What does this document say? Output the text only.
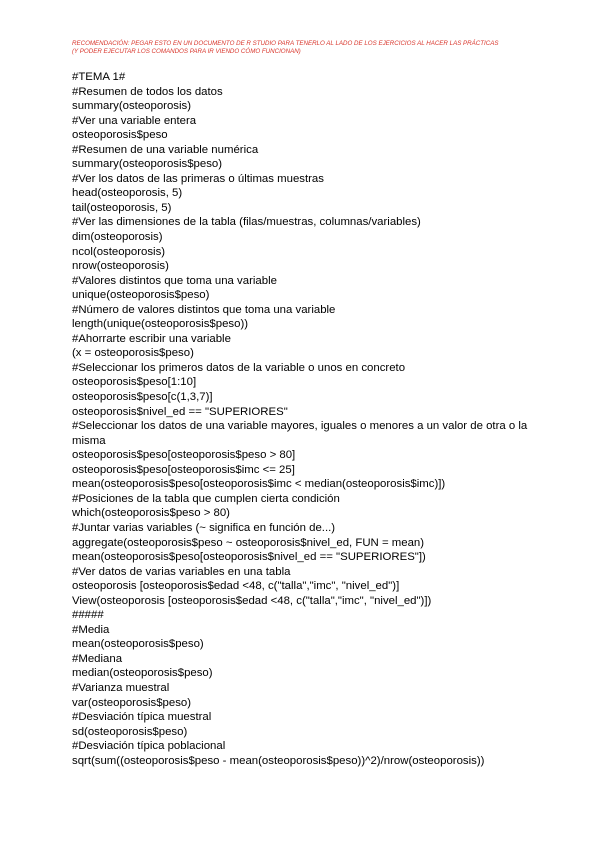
RECOMENDACIÓN: PEGAR ESTO EN UN DOCUMENTO DE R STUDIO PARA TENERLO AL LADO DE LOS EJERCICIOS AL HACER LAS PRÁCTICAS
(Y PODER EJECUTAR LOS COMANDOS PARA IR VIENDO CÓMO FUNCIONAN)
#TEMA 1#
#Resumen de todos los datos
summary(osteoporosis)
#Ver una variable entera
osteoporosis$peso
#Resumen de una variable numérica
summary(osteoporosis$peso)
#Ver los datos de las primeras o últimas muestras
head(osteoporosis, 5)
tail(osteoporosis, 5)
#Ver las dimensiones de la tabla (filas/muestras, columnas/variables)
dim(osteoporosis)
ncol(osteoporosis)
nrow(osteoporosis)
#Valores distintos que toma una variable
unique(osteoporosis$peso)
#Número de valores distintos que toma una variable
length(unique(osteoporosis$peso))
#Ahorrarte escribir una variable
(x = osteoporosis$peso)
#Seleccionar los primeros datos de la variable o unos en concreto
osteoporosis$peso[1:10]
osteoporosis$peso[c(1,3,7)]
osteoporosis$nivel_ed == "SUPERIORES"
#Seleccionar los datos de una variable mayores, iguales o menores a un valor de otra o la misma
osteoporosis$peso[osteoporosis$peso > 80]
osteoporosis$peso[osteoporosis$imc <= 25]
mean(osteoporosis$peso[osteoporosis$imc < median(osteoporosis$imc)])
#Posiciones de la tabla que cumplen cierta condición
which(osteoporosis$peso > 80)
#Juntar varias variables (~ significa en función de...)
aggregate(osteoporosis$peso ~ osteoporosis$nivel_ed, FUN = mean)
mean(osteoporosis$peso[osteoporosis$nivel_ed == "SUPERIORES"])
#Ver datos de varias variables en una tabla
osteoporosis [osteoporosis$edad <48, c("talla","imc", "nivel_ed")]
View(osteoporosis [osteoporosis$edad <48, c("talla","imc", "nivel_ed")])
#####
#Media
mean(osteoporosis$peso)
#Mediana
median(osteoporosis$peso)
#Varianza muestral
var(osteoporosis$peso)
#Desviación típica muestral
sd(osteoporosis$peso)
#Desviación típica poblacional
sqrt(sum((osteoporosis$peso - mean(osteoporosis$peso))^2)/nrow(osteoporosis))
